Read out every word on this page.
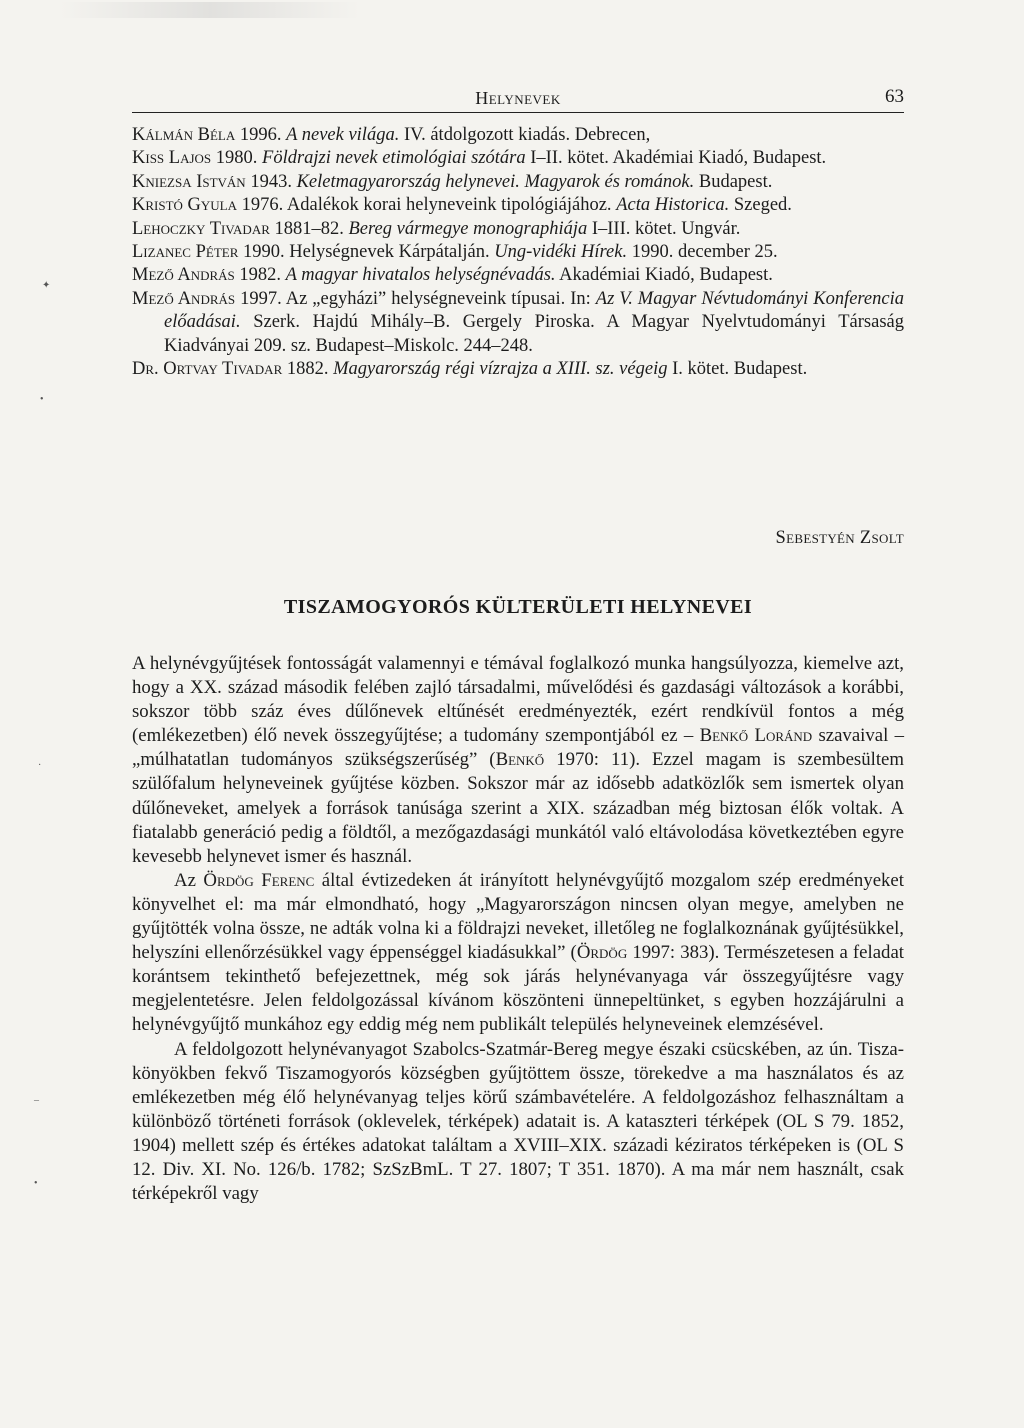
Helynevek	63

Kálmán Béla 1996. A nevek világa. IV. átdolgozott kiadás. Debrecen,

Kiss Lajos 1980. Földrajzi nevek etimológiai szótára I–II. kötet. Akadémiai Kiadó, Budapest.

Kniezsa István 1943. Keletmagyarország helynevei. Magyarok és románok. Budapest.

Kristó Gyula 1976. Adalékok korai helyneveink tipológiájához. Acta Historica. Szeged.

Lehoczky Tivadar 1881–82. Bereg vármegye monographiája I–III. kötet. Ungvár.

Lizanec Péter 1990. Helységnevek Kárpátalján. Ung-vidéki Hírek. 1990. december 25.

Mező András 1982. A magyar hivatalos helységnévadás. Akadémiai Kiadó, Budapest.

Mező András 1997. Az „egyházi” helységneveink típusai. In: Az V. Magyar Névtudományi Konferencia előadásai. Szerk. Hajdú Mihály–B. Gergely Piroska. A Magyar Nyelvtudományi Társaság Kiadványai 209. sz. Budapest–Miskolc. 244–248.

Dr. Ortvay Tivadar 1882. Magyarország régi vízrajza a XIII. sz. végeig I. kötet. Budapest.

Sebestyén Zsolt
TISZAMOGYORÓS KÜLTERÜLETI HELYNEVEI

A helynévgyűjtések fontosságát valamennyi e témával foglalkozó munka hangsúlyozza, kiemelve azt, hogy a XX. század második felében zajló társadalmi, művelődési és gazdasági változások a korábbi, sokszor több száz éves dűlőnevek eltűnését eredményezték, ezért rendkívül fontos a még (emlékezetben) élő nevek összegyűjtése; a tudomány szempontjából ez – Benkő Loránd szavaival – „múlhatatlan tudományos szükségszerűség” (Benkő 1970: 11). Ezzel magam is szembesültem szülőfalum helyneveinek gyűjtése közben. Sokszor már az idősebb adatközlők sem ismertek olyan dűlőneveket, amelyek a források tanúsága szerint a XIX. században még biztosan élők voltak. A fiatalabb generáció pedig a földtől, a mezőgazdasági munkától való eltávolodása következtében egyre kevesebb helynevet ismer és használ.

Az Ördög Ferenc által évtizedeken át irányított helynévgyűjtő mozgalom szép eredményeket könyvelhet el: ma már elmondható, hogy „Magyarországon nincsen olyan megye, amelyben ne gyűjtötték volna össze, ne adták volna ki a földrajzi neveket, illetőleg ne foglalkoznának gyűjtésükkel, helyszíni ellenőrzésükkel vagy éppenséggel kiadásukkal” (Ördög 1997: 383). Természetesen a feladat korántsem tekinthető befejezettnek, még sok járás helynévanyaga vár összegyűjtésre vagy megjelentetésre. Jelen feldolgozással kívánom köszönteni ünnepeltünket, s egyben hozzájárulni a helynévgyűjtő munkához egy eddig még nem publikált település helyneveinek elemzésével.

A feldolgozott helynévanyagot Szabolcs-Szatmár-Bereg megye északi csücskében, az ún. Tisza-könyökben fekvő Tiszamogyorós községben gyűjtöttem össze, törekedve a ma használatos és az emlékezetben még élő helynévanyag teljes körű számbavételére. A feldolgozáshoz felhasználtam a különböző történeti források (oklevelek, térképek) adatait is. A kataszteri térképek (OL S 79. 1852, 1904) mellett szép és értékes adatokat találtam a XVIII–XIX. századi kéziratos térképeken is (OL S 12. Div. XI. No. 126/b. 1782; SzSzBmL. T 27. 1807; T 351. 1870). A ma már nem használt, csak térképekről vagy

✦
•
·
–
•
